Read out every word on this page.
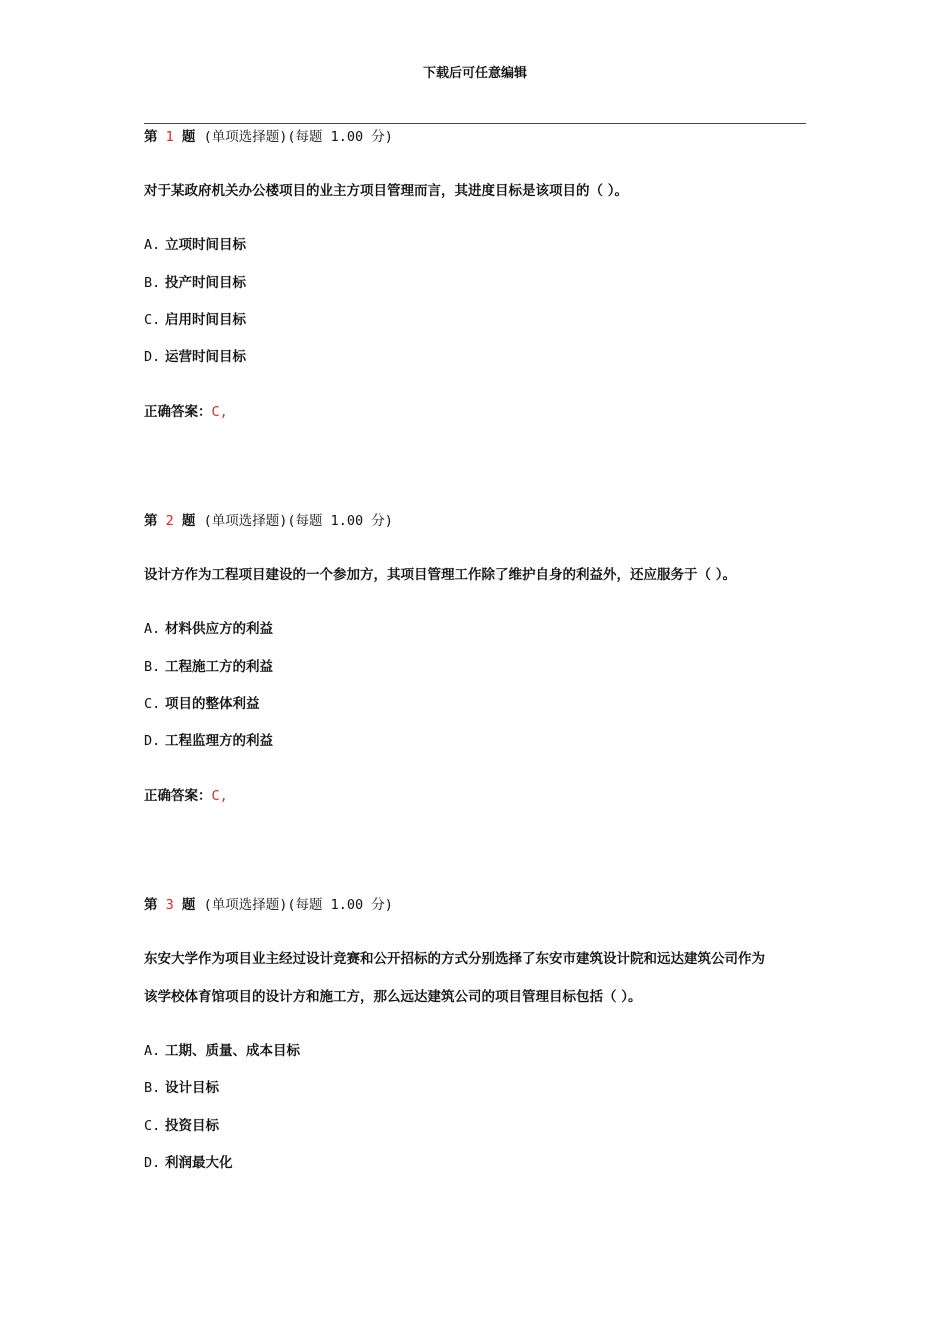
下载后可任意编辑
第 1 题 (单项选择题)(每题 1.00 分)
对于某政府机关办公楼项目的业主方项目管理而言，其进度目标是该项目的（ ）。
A. 立项时间目标
B. 投产时间目标
C. 启用时间目标
D. 运营时间目标
正确答案：C,
第 2 题 (单项选择题)(每题 1.00 分)
设计方作为工程项目建设的一个参加方，其项目管理工作除了维护自身的利益外，还应服务于（ ）。
A. 材料供应方的利益
B. 工程施工方的利益
C. 项目的整体利益
D. 工程监理方的利益
正确答案：C,
第 3 题 (单项选择题)(每题 1.00 分)
东安大学作为项目业主经过设计竞赛和公开招标的方式分别选择了东安市建筑设计院和远达建筑公司作为
该学校体育馆项目的设计方和施工方，那么远达建筑公司的项目管理目标包括（ ）。
A. 工期、质量、成本目标
B. 设计目标
C. 投资目标
D. 利润最大化
